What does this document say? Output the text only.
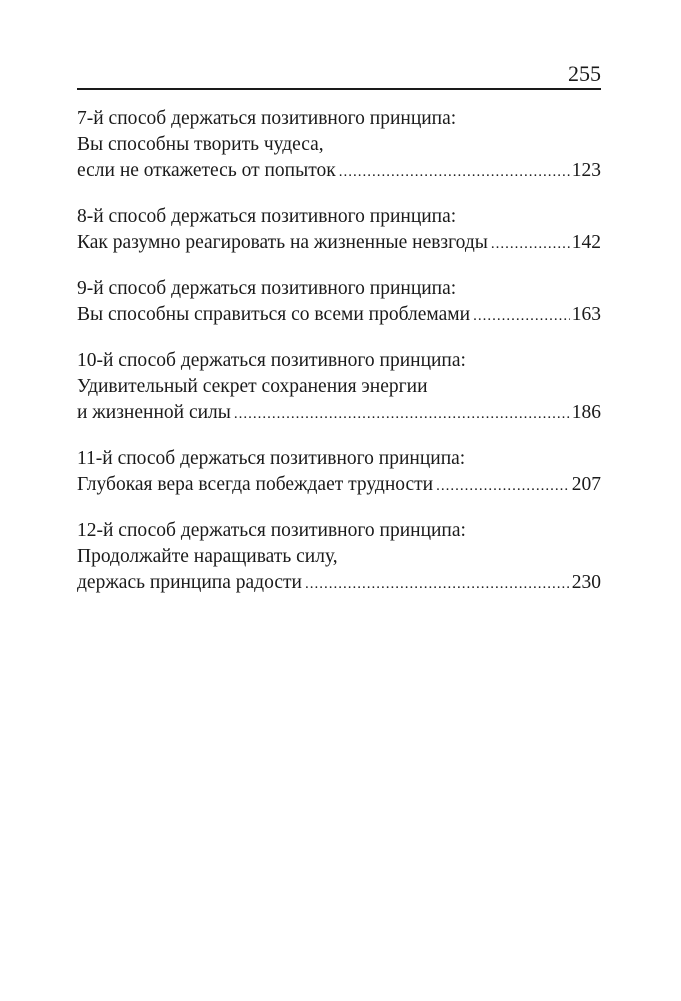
255
7-й способ держаться позитивного принципа:
Вы способны творить чудеса,
если не откажетесь от попыток .....	123
8-й способ держаться позитивного принципа:
Как разумно реагировать на жизненные невзгоды .....	142
9-й способ держаться позитивного принципа:
Вы способны справиться со всеми проблемами .....	163
10-й способ держаться позитивного принципа:
Удивительный секрет сохранения энергии
и жизненной силы .....	186
11-й способ держаться позитивного принципа:
Глубокая вера всегда побеждает трудности .....	207
12-й способ держаться позитивного принципа:
Продолжайте наращивать силу,
держась принципа радости .....	230
